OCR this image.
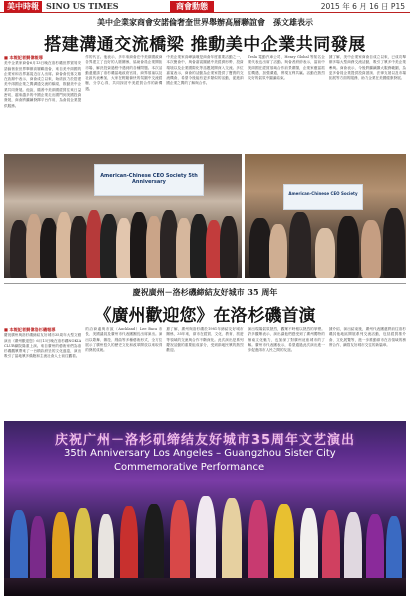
美中時報 SINO US TIMES	商會動態	2015 年 6 月 16 日 P15
美中企業家商會安諾倫奢奎世界舉辦高層聯誼會　孫文雄表示
搭建溝通交流橋梁 推動美中企業共同發展
■ 本報記者劉偉報導
美中企業家商會6月13日晚在洛杉磯世界貿易安諾倫奢奎世界舉辦高層聯誼會，來自美中兩國的企業家和各界嘉賓近百人出席。商會會長孫文雄在致辭中表示，商會成立以來，始終致力於搭建美中兩國企業之間溝通交流的橋梁，推動美中企業共同發展。他說，隨著中美兩國經貿往來日益密切，越來越多的中國企業走出國門到美國投資發展，商會將繼續發揮平台作用，為會員企業提供服務。
作的代言。他表示，多年來商會在中美兩國政商各界建立了良好的人脈關係，協助會員企業開拓市場，解決投資過程中遇到的各種問題。本次活動還邀請了洛杉磯當地政府官員、商界領袖以及社區代表參加，大家在輕鬆愉快的氛圍中交流經驗，分享心得，共同探討中美經貿合作的新機遇。
中美企業家高峰論壇是商會年度重要活動之一，本次聚會中，與會嘉賓圍繞中美經濟形勢、投資環境以及企業國際化等話題展開深入交流。多位嘉賓表示，商會的活動為企業家提供了寶貴的交流機會，希望今後能有更多類似的活動，促進兩國企業之間的了解與合作。
Tesla 電動汽車公司、Henry Global 等知名企業代表也出席了活動。與會者紛紛表示，當前中美兩國在經貿領域合作前景廣闊，企業家應當抓住機遇，加強溝通，實現互利共贏。活動在熱烈友好的氣氛中圓滿結束。
據了解，美中企業家商會自成立以來，已成功舉辦多場大型商務交流活動，吸引了眾多中美企業參與。商會表示，今後將繼續擴大服務範圍，為更多會員企業提供投資諮詢、法律支援以及市場拓展等方面的服務，助力企業在美國健康發展。
American-Chinese CEO Society 5th Anniversary
American-Chinese CEO Society
慶祝廣州－洛杉磯締結友好城市 35 周年
《廣州歡迎您》在洛杉磯首演
■ 本報記者劉偉洛杉磯報導
慶祝廣州與洛杉磯締結友好城市35周年大型文藝演出《廣州歡迎您》6月13日晚在洛杉磯NOKIA CLUB劇院隆重上演。來自廣州的藝術家們為洛杉磯觀眾帶來了一台精彩紛呈的文化盛宴，演出吸引了當地眾多僑胞和主流社會人士前往觀看。
的洽商處與市區（Auckland）Lee Baca 市長、美國議員及廣州市代表團團長出席演出。演出以歌舞、雜技、戲曲等多種藝術形式，全方位展示了廣州悠久的歷史文化和改革開放以來取得的發展成就。
據了解，廣州與洛杉磯於1981年締結友好城市關係，35年來，兩市在經貿、文化、教育、旅遊等領域的交流與合作不斷深化。此次演出是系列慶祝活動的重要組成部分，受到兩地民眾的熱烈歡迎。
演出現場氣氛熱烈，觀眾不時報以熱烈的掌聲。許多觀眾表示，演出讓他們感受到了廣州獨特的嶺南文化魅力，也加深了對廣州這座城市的了解。廣州市代表團表示，希望通過此次演出進一步促進兩市人民之間的友誼。
據介紹，演出結束後，廣州代表團還將前往洛杉磯其他地區開展系列交流活動，包括經貿推介會、文化展覽等，進一步推動兩市在各領域的務實合作，續寫友好城市交往的新篇章。
庆祝广州－洛杉矶缔结友好城市35周年文艺演出
35th Anniversary Los Angeles – Guangzhou Sister City
Commemorative Performance
